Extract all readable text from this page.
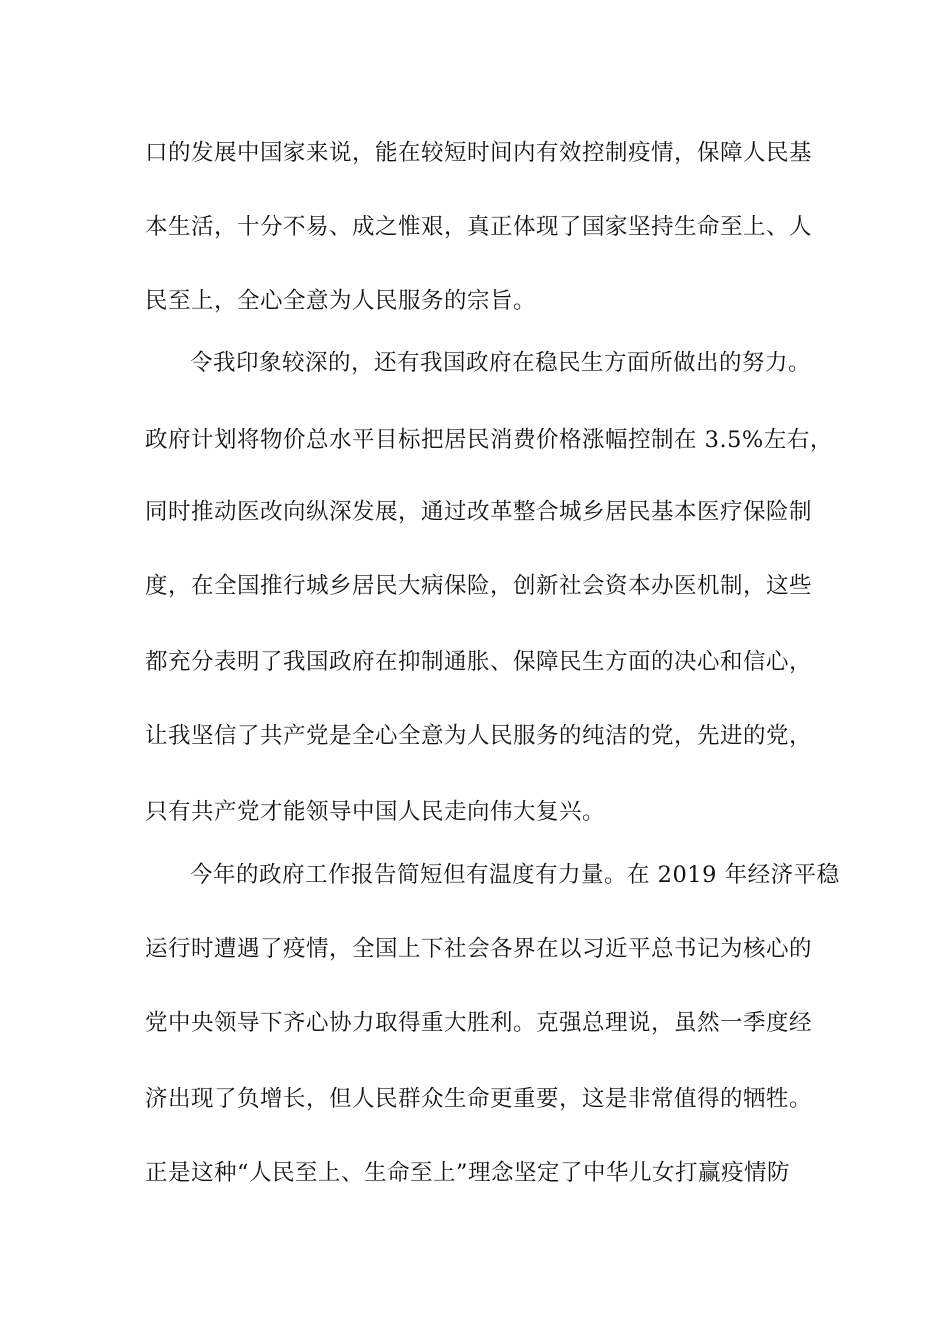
口的发展中国家来说，能在较短时间内有效控制疫情，保障人民基
本生活，十分不易、成之惟艰，真正体现了国家坚持生命至上、人
民至上，全心全意为人民服务的宗旨。
令我印象较深的，还有我国政府在稳民生方面所做出的努力。
政府计划将物价总水平目标把居民消费价格涨幅控制在 3.5%左右，
同时推动医改向纵深发展，通过改革整合城乡居民基本医疗保险制
度，在全国推行城乡居民大病保险，创新社会资本办医机制，这些
都充分表明了我国政府在抑制通胀、保障民生方面的决心和信心，
让我坚信了共产党是全心全意为人民服务的纯洁的党，先进的党，
只有共产党才能领导中国人民走向伟大复兴。
今年的政府工作报告简短但有温度有力量。在 2019 年经济平稳
运行时遭遇了疫情，全国上下社会各界在以习近平总书记为核心的
党中央领导下齐心协力取得重大胜利。克强总理说，虽然一季度经
济出现了负增长，但人民群众生命更重要，这是非常值得的牺牲。
正是这种“人民至上、生命至上”理念坚定了中华儿女打赢疫情防
